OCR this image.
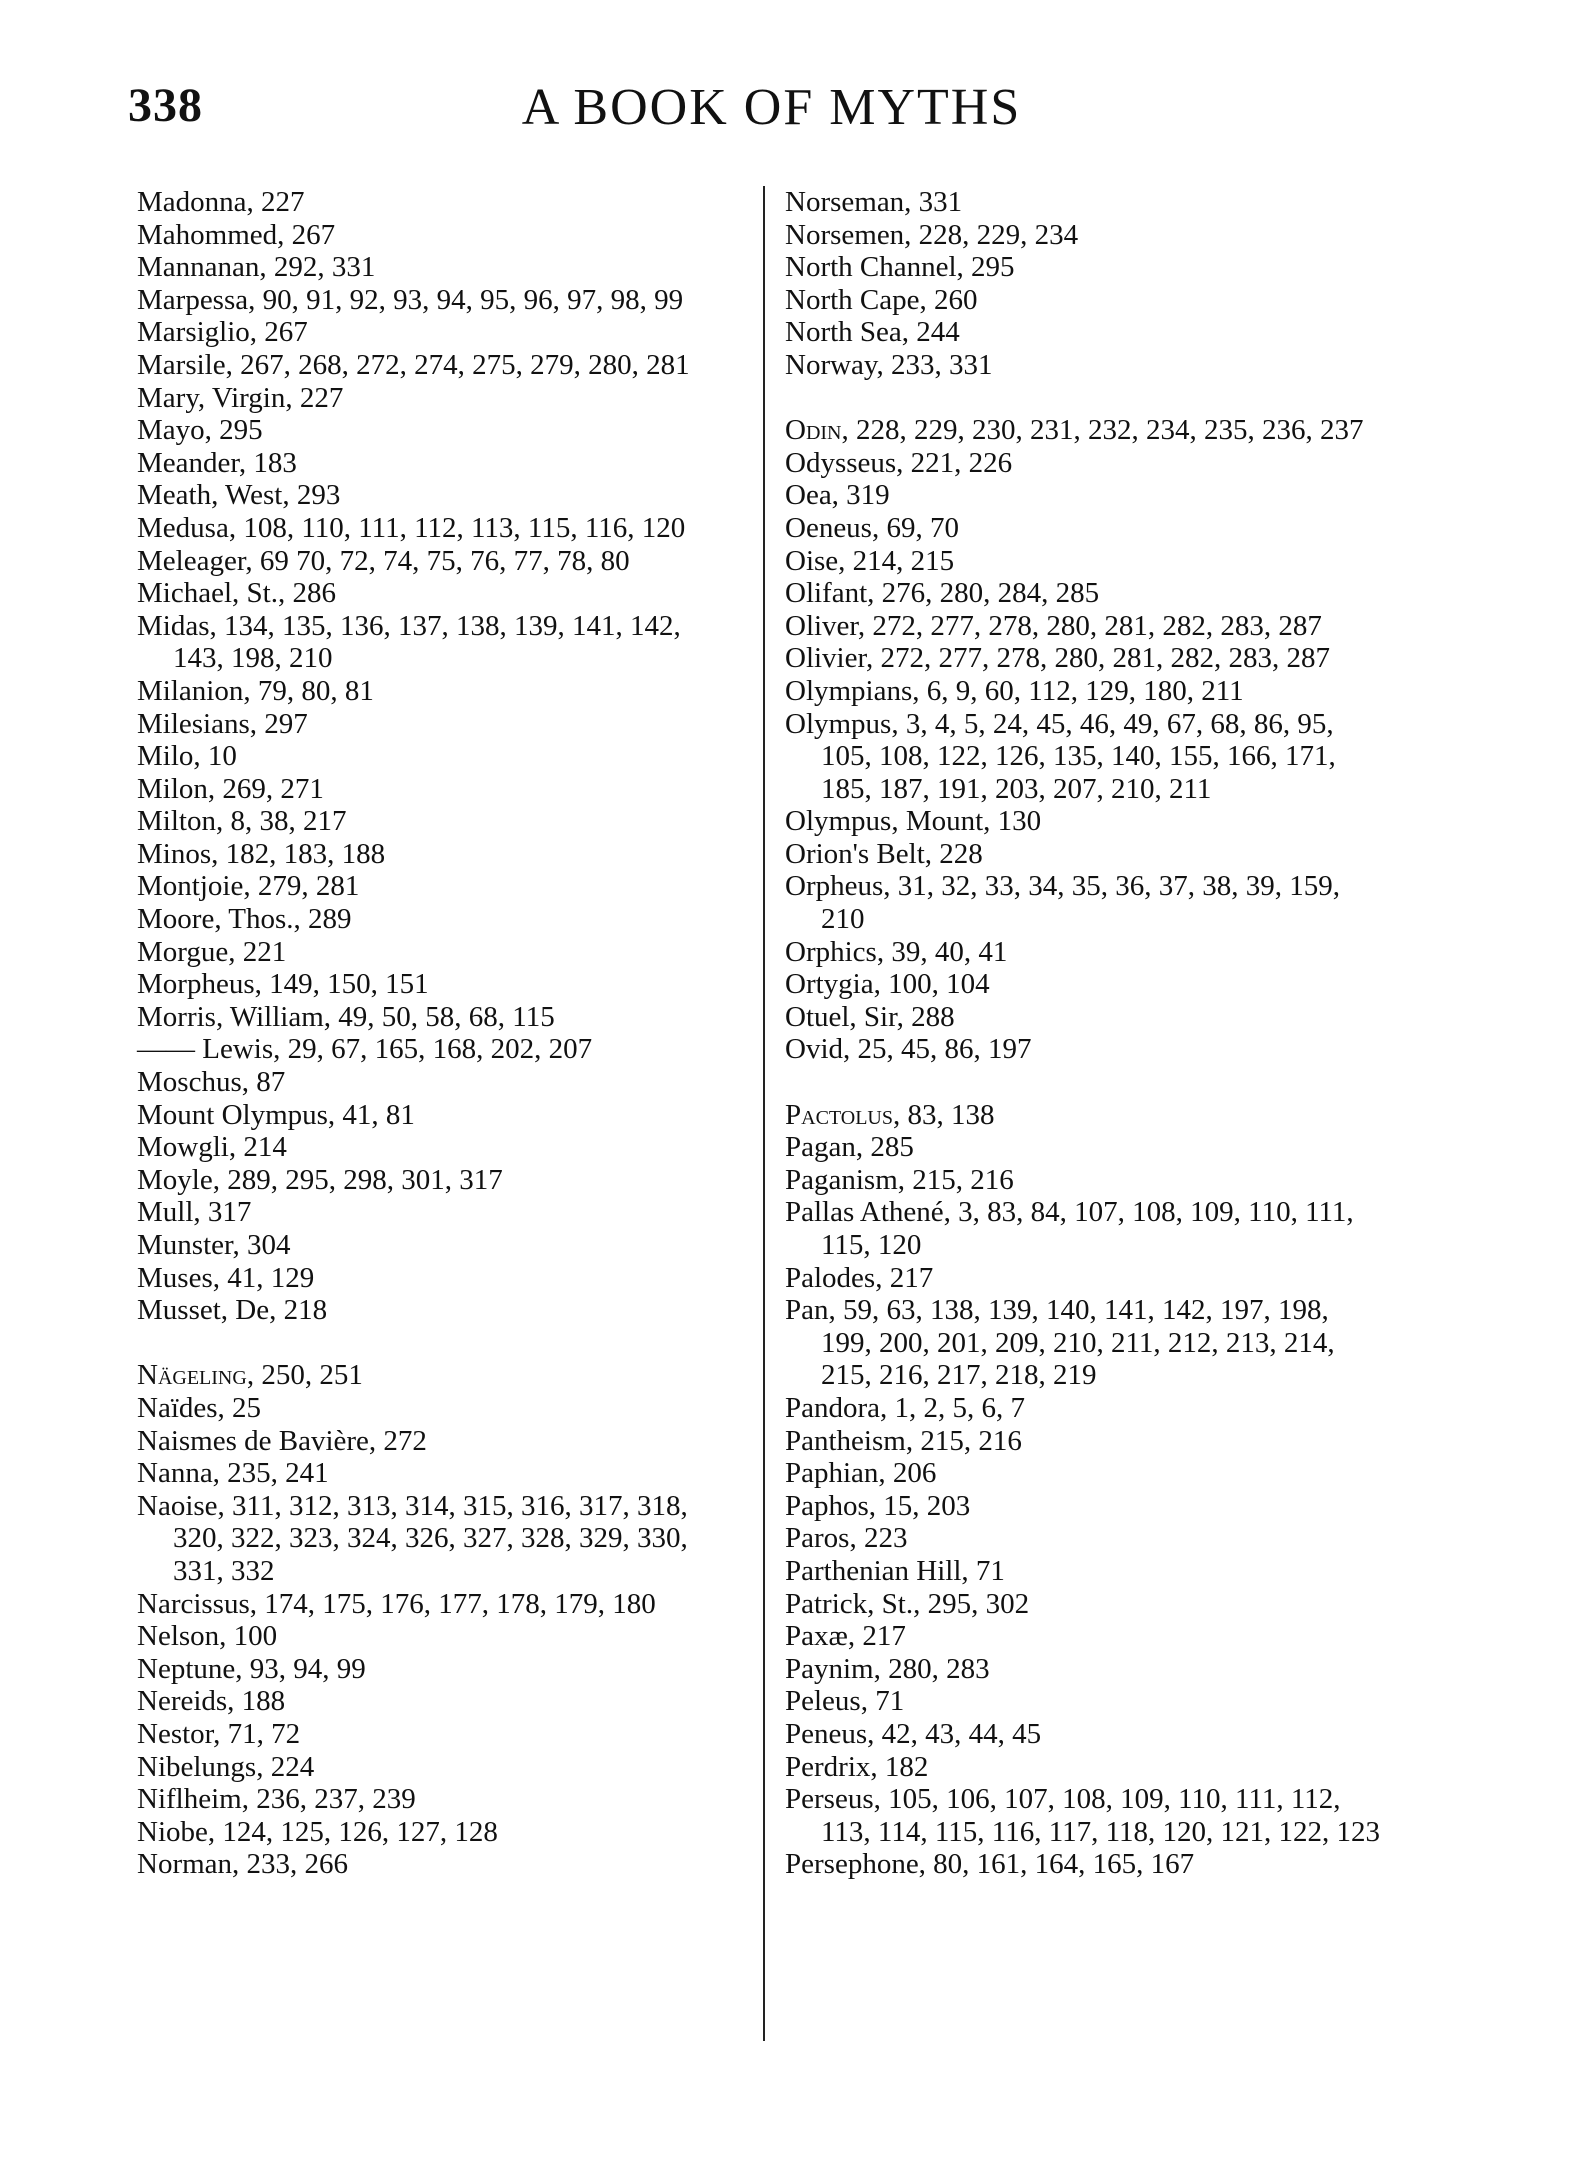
338	A BOOK OF MYTHS
Madonna, 227
Mahommed, 267
Mannanan, 292, 331
Marpessa, 90, 91, 92, 93, 94, 95, 96, 97, 98, 99
Marsiglio, 267
Marsile, 267, 268, 272, 274, 275, 279, 280, 281
Mary, Virgin, 227
Mayo, 295
Meander, 183
Meath, West, 293
Medusa, 108, 110, 111, 112, 113, 115, 116, 120
Meleager, 69 70, 72, 74, 75, 76, 77, 78, 80
Michael, St., 286
Midas, 134, 135, 136, 137, 138, 139, 141, 142, 143, 198, 210
Milanion, 79, 80, 81
Milesians, 297
Milo, 10
Milon, 269, 271
Milton, 8, 38, 217
Minos, 182, 183, 188
Montjoie, 279, 281
Moore, Thos., 289
Morgue, 221
Morpheus, 149, 150, 151
Morris, William, 49, 50, 58, 68, 115
—— Lewis, 29, 67, 165, 168, 202, 207
Moschus, 87
Mount Olympus, 41, 81
Mowgli, 214
Moyle, 289, 295, 298, 301, 317
Mull, 317
Munster, 304
Muses, 41, 129
Musset, De, 218
Nägeling, 250, 251
Naïdes, 25
Naismes de Bavière, 272
Nanna, 235, 241
Naoise, 311, 312, 313, 314, 315, 316, 317, 318, 320, 322, 323, 324, 326, 327, 328, 329, 330, 331, 332
Narcissus, 174, 175, 176, 177, 178, 179, 180
Nelson, 100
Neptune, 93, 94, 99
Nereids, 188
Nestor, 71, 72
Nibelungs, 224
Niflheim, 236, 237, 239
Niobe, 124, 125, 126, 127, 128
Norman, 233, 266
Norseman, 331
Norsemen, 228, 229, 234
North Channel, 295
North Cape, 260
North Sea, 244
Norway, 233, 331
Odin, 228, 229, 230, 231, 232, 234, 235, 236, 237
Odysseus, 221, 226
Oea, 319
Oeneus, 69, 70
Oise, 214, 215
Olifant, 276, 280, 284, 285
Oliver, 272, 277, 278, 280, 281, 282, 283, 287
Olivier, 272, 277, 278, 280, 281, 282, 283, 287
Olympians, 6, 9, 60, 112, 129, 180, 211
Olympus, 3, 4, 5, 24, 45, 46, 49, 67, 68, 86, 95, 105, 108, 122, 126, 135, 140, 155, 166, 171, 185, 187, 191, 203, 207, 210, 211
Olympus, Mount, 130
Orion's Belt, 228
Orpheus, 31, 32, 33, 34, 35, 36, 37, 38, 39, 159, 210
Orphics, 39, 40, 41
Ortygia, 100, 104
Otuel, Sir, 288
Ovid, 25, 45, 86, 197
Pactolus, 83, 138
Pagan, 285
Paganism, 215, 216
Pallas Athené, 3, 83, 84, 107, 108, 109, 110, 111, 115, 120
Palodes, 217
Pan, 59, 63, 138, 139, 140, 141, 142, 197, 198, 199, 200, 201, 209, 210, 211, 212, 213, 214, 215, 216, 217, 218, 219
Pandora, 1, 2, 5, 6, 7
Pantheism, 215, 216
Paphian, 206
Paphos, 15, 203
Paros, 223
Parthenian Hill, 71
Patrick, St., 295, 302
Paxæ, 217
Paynim, 280, 283
Peleus, 71
Peneus, 42, 43, 44, 45
Perdrix, 182
Perseus, 105, 106, 107, 108, 109, 110, 111, 112, 113, 114, 115, 116, 117, 118, 120, 121, 122, 123
Persephone, 80, 161, 164, 165, 167
